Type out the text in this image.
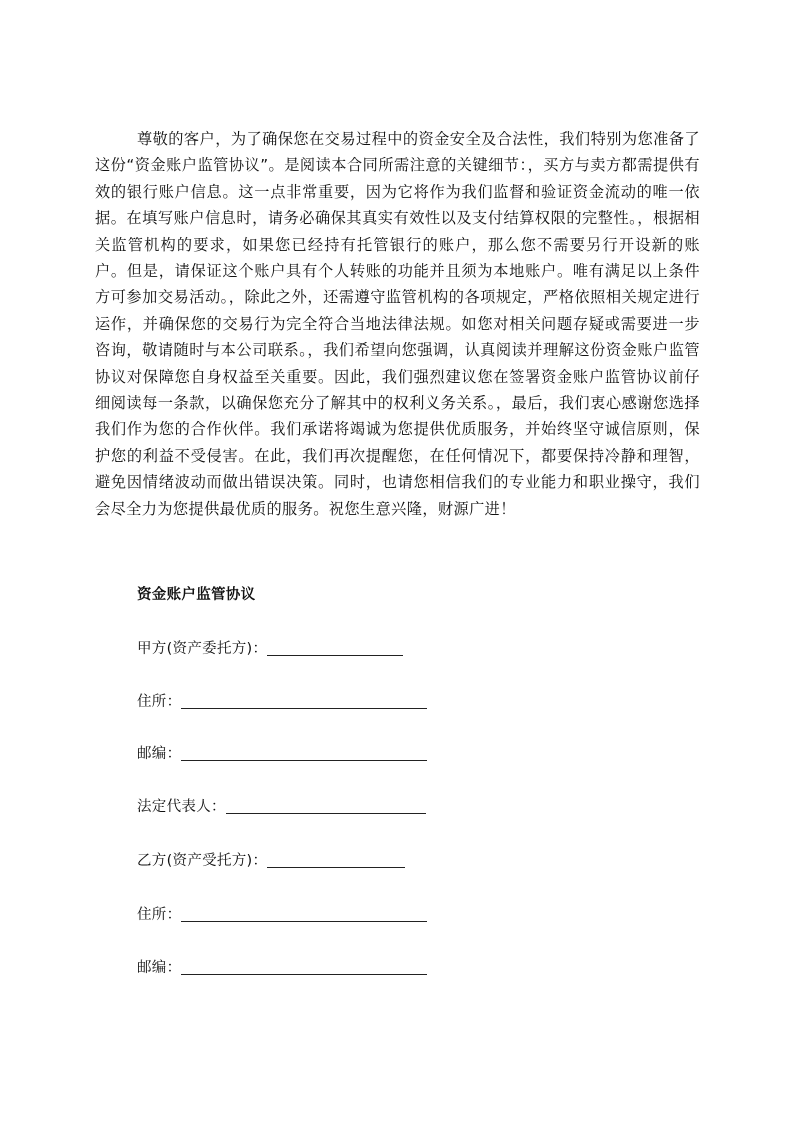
尊敬的客户，为了确保您在交易过程中的资金安全及合法性，我们特别为您准备了这份“资金账户监管协议”。是阅读本合同所需注意的关键细节：，买方与卖方都需提供有效的银行账户信息。这一点非常重要，因为它将作为我们监督和验证资金流动的唯一依据。在填写账户信息时，请务必确保其真实有效性以及支付结算权限的完整性。，根据相关监管机构的要求，如果您已经持有托管银行的账户，那么您不需要另行开设新的账户。但是，请保证这个账户具有个人转账的功能并且须为本地账户。唯有满足以上条件方可参加交易活动。，除此之外，还需遵守监管机构的各项规定，严格依照相关规定进行运作，并确保您的交易行为完全符合当地法律法规。如您对相关问题存疑或需要进一步咨询，敬请随时与本公司联系。，我们希望向您强调，认真阅读并理解这份资金账户监管协议对保障您自身权益至关重要。因此，我们强烈建议您在签署资金账户监管协议前仔细阅读每一条款，以确保您充分了解其中的权利义务关系。，最后，我们衷心感谢您选择我们作为您的合作伙伴。我们承诺将竭诚为您提供优质服务，并始终坚守诚信原则，保护您的利益不受侵害。在此，我们再次提醒您，在任何情况下，都要保持冷静和理智，避免因情绪波动而做出错误决策。同时，也请您相信我们的专业能力和职业操守，我们会尽全力为您提供最优质的服务。祝您生意兴隆，财源广进！
资金账户监管协议
甲方(资产委托方)：
住所：
邮编：
法定代表人：
乙方(资产受托方)：
住所：
邮编：
